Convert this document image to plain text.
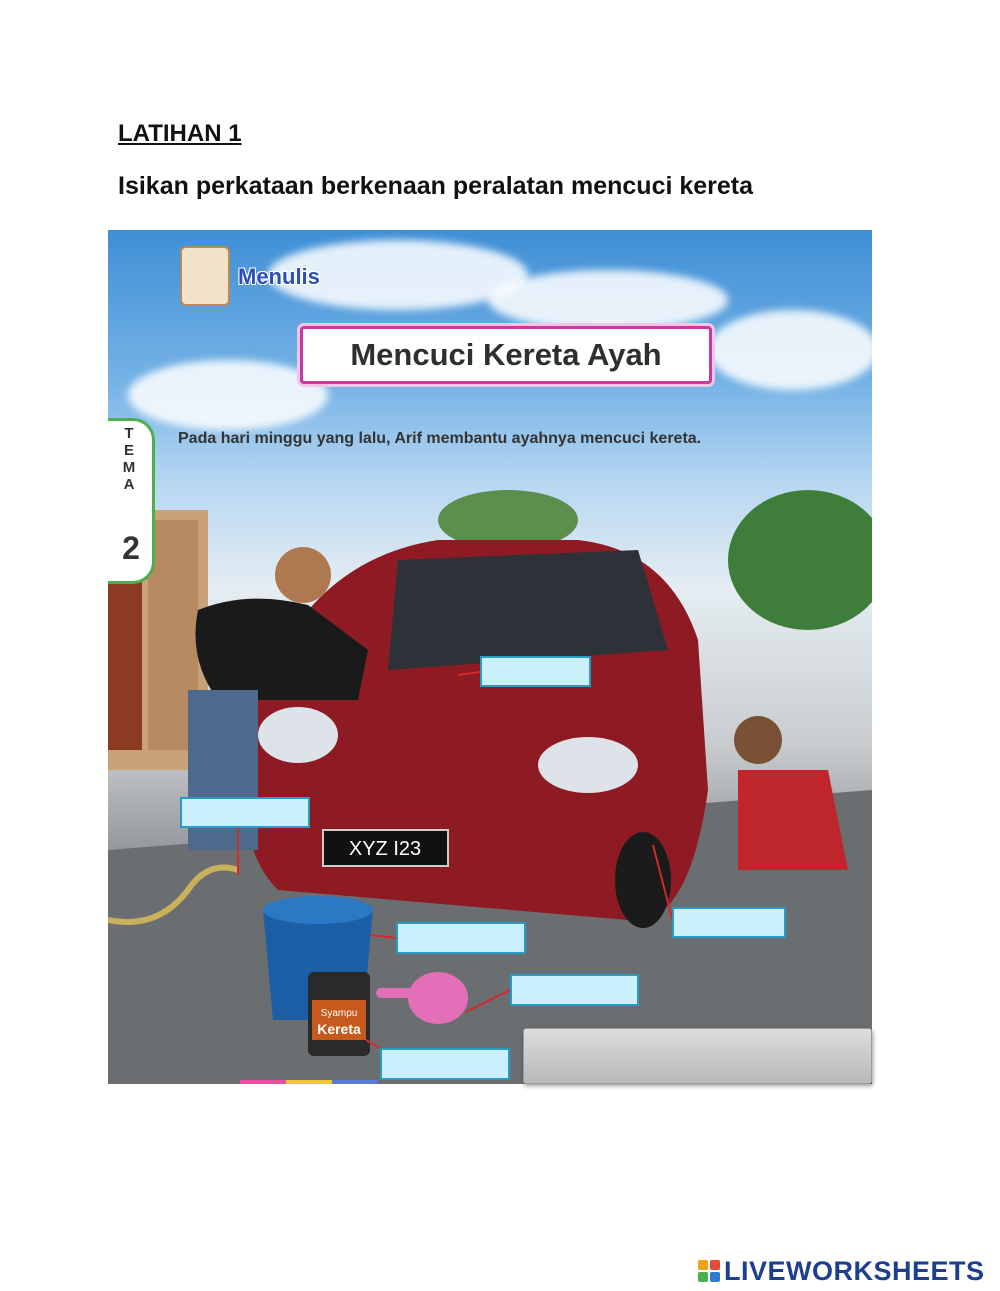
LATIHAN 1
Isikan perkataan berkenaan peralatan mencuci kereta
XYZ I23
Syampu
Kereta
Menulis
Mencuci Kereta Ayah
Pada hari minggu yang lalu, Arif membantu ayahnya mencuci kereta.
TEMA
2
LIVEWORKSHEETS
